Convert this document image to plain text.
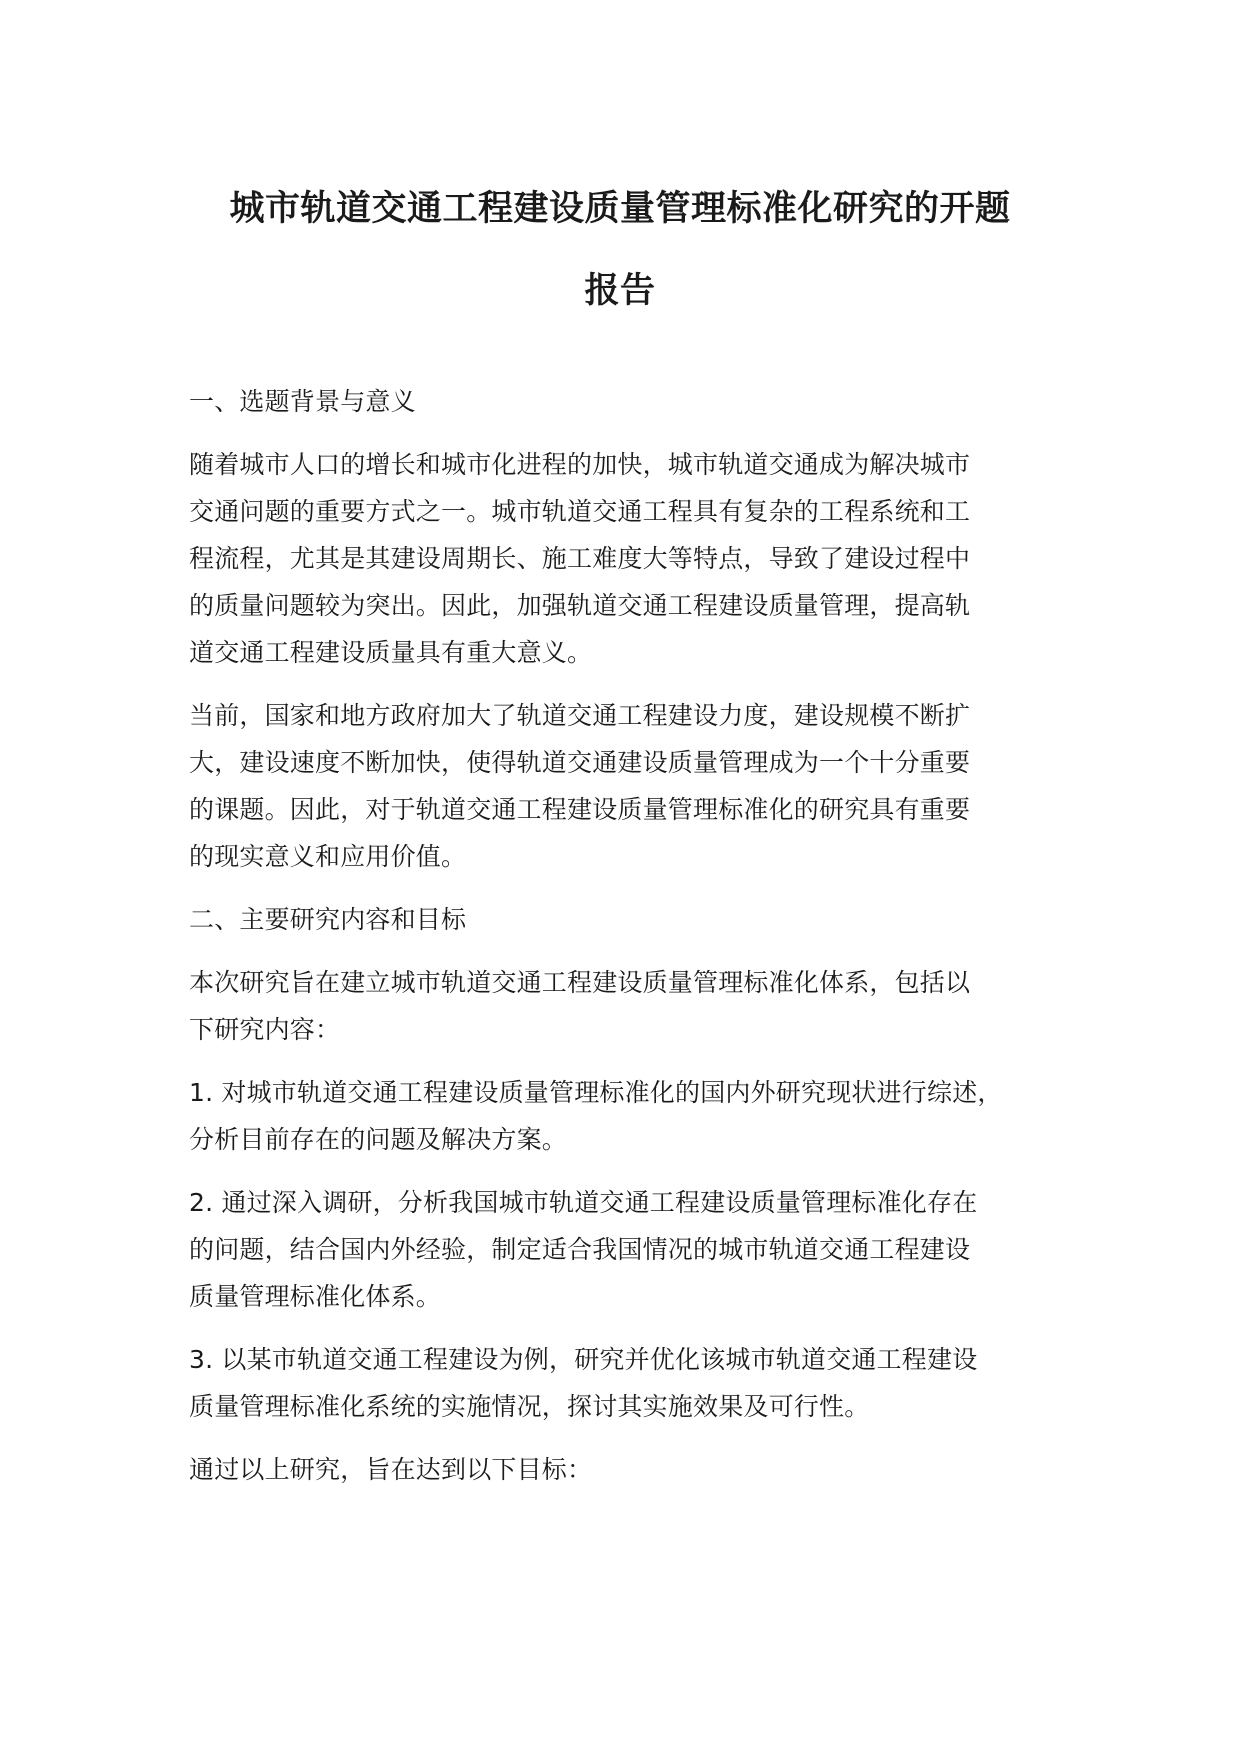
城市轨道交通工程建设质量管理标准化研究的开题
报告

一、选题背景与意义

随着城市人口的增长和城市化进程的加快，城市轨道交通成为解决城市
交通问题的重要方式之一。城市轨道交通工程具有复杂的工程系统和工
程流程，尤其是其建设周期长、施工难度大等特点，导致了建设过程中
的质量问题较为突出。因此，加强轨道交通工程建设质量管理，提高轨
道交通工程建设质量具有重大意义。

当前，国家和地方政府加大了轨道交通工程建设力度，建设规模不断扩
大，建设速度不断加快，使得轨道交通建设质量管理成为一个十分重要
的课题。因此，对于轨道交通工程建设质量管理标准化的研究具有重要
的现实意义和应用价值。

二、主要研究内容和目标

本次研究旨在建立城市轨道交通工程建设质量管理标准化体系，包括以
下研究内容：

1. 对城市轨道交通工程建设质量管理标准化的国内外研究现状进行综述，
分析目前存在的问题及解决方案。

2. 通过深入调研，分析我国城市轨道交通工程建设质量管理标准化存在
的问题，结合国内外经验，制定适合我国情况的城市轨道交通工程建设
质量管理标准化体系。

3. 以某市轨道交通工程建设为例，研究并优化该城市轨道交通工程建设
质量管理标准化系统的实施情况，探讨其实施效果及可行性。

通过以上研究，旨在达到以下目标：
